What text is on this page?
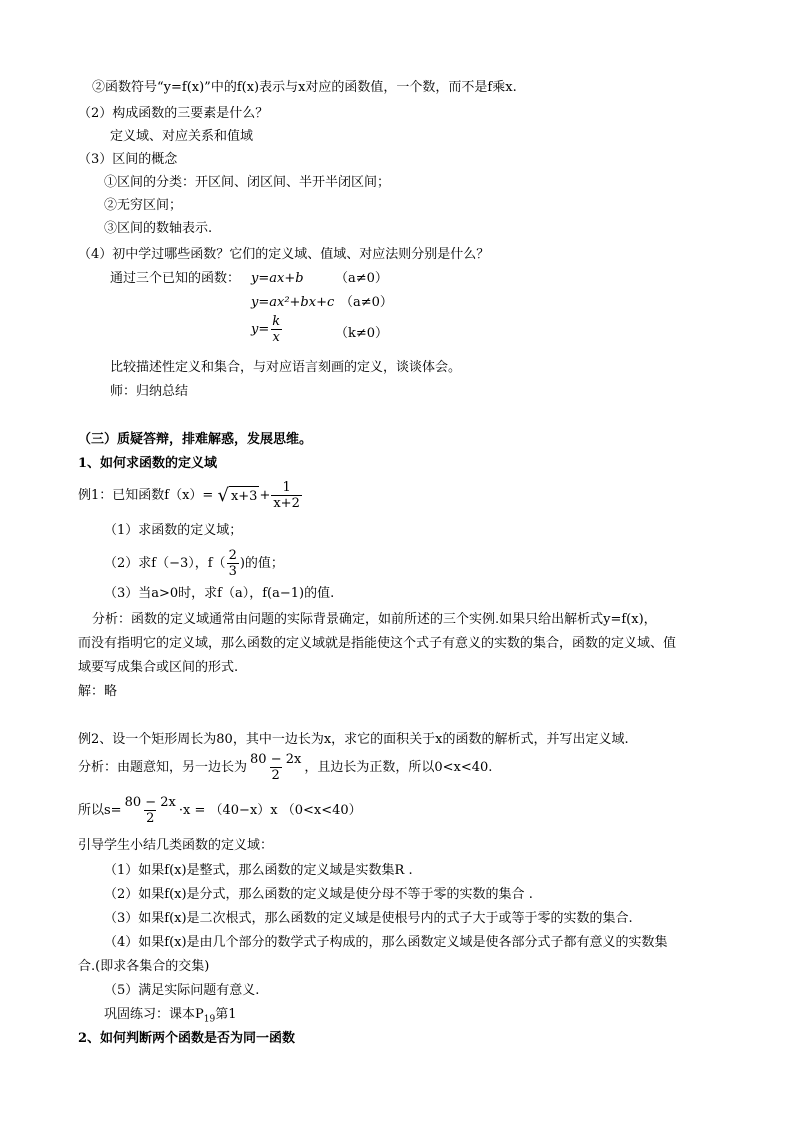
②函数符号“y=f(x)”中的f(x)表示与x对应的函数值，一个数，而不是f乘x.
（2）构成函数的三要素是什么？
定义域、对应关系和值域
（3）区间的概念
①区间的分类：开区间、闭区间、半开半闭区间；
②无穷区间；
③区间的数轴表示.
（4）初中学过哪些函数？它们的定义域、值域、对应法则分别是什么？
通过三个已知的函数： y=ax+b （a≠0）
y=ax²+bx+c （a≠0）
$y= \frac{k}{x}$	（k≠0）
比较描述性定义和集合，与对应语言刻画的定义，谈谈体会。
师：归纳总结
（三）质疑答辩，排难解惑，发展思维。
1、如何求函数的定义域
例1：已知函数f（x）= √ $x+3 + \frac{1}{x+2}$
（1）求函数的定义域；
（2）求f（−3），$f( \frac{2}{3}$ )的值；
（3）当a>0时，求f（a），f(a−1)的值.
分析：函数的定义域通常由问题的实际背景确定，如前所述的三个实例.如果只给出解析式y=f(x)，
而没有指明它的定义域，那么函数的定义域就是指能使这个式子有意义的实数的集合，函数的定义域、值
域要写成集合或区间的形式.
解：略
例2、设一个矩形周长为80，其中一边长为x，求它的面积关于x的函数的解析式，并写出定义域.
分析：由题意知，另一边长为 $\frac{80 - 2x}{2}$ ，且边长为正数，所以0<x<40.
所以$s= \frac{80 - 2x}{2} \cdot x = (40-x)x$ （0<x<40）
引导学生小结几类函数的定义域：
（1）如果f(x)是整式，那么函数的定义域是实数集R .
（2）如果f(x)是分式，那么函数的定义域是使分母不等于零的实数的集合 .
（3）如果f(x)是二次根式，那么函数的定义域是使根号内的式子大于或等于零的实数的集合.
（4）如果f(x)是由几个部分的数学式子构成的，那么函数定义域是使各部分式子都有意义的实数集
合.(即求各集合的交集)
（5）满足实际问题有意义.
巩固练习：课本$P_{19}$第1
2、如何判断两个函数是否为同一函数
